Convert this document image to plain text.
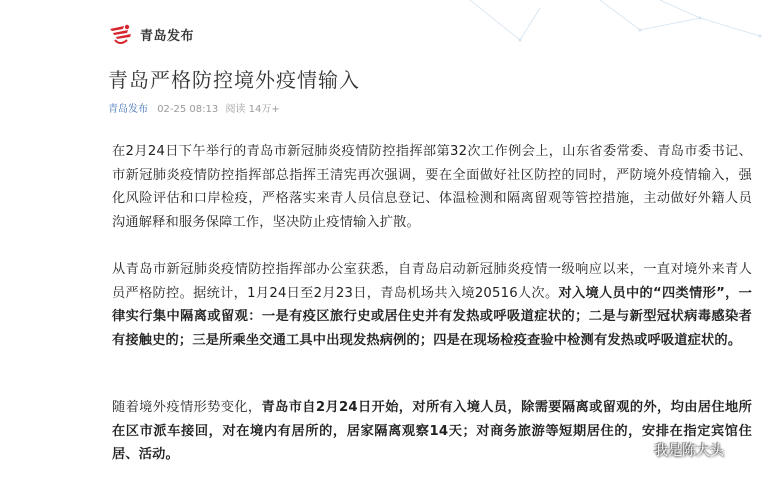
青岛发布
青岛严格防控境外疫情输入
青岛发布 02-25 08:13 阅读 14万+

在2月24日下午举行的青岛市新冠肺炎疫情防控指挥部第32次工作例会上，山东省委常委、青岛市委书记、市新冠肺炎疫情防控指挥部总指挥王清宪再次强调，要在全面做好社区防控的同时，严防境外疫情输入，强化风险评估和口岸检疫，严格落实来青人员信息登记、体温检测和隔离留观等管控措施，主动做好外籍人员沟通解释和服务保障工作，坚决防止疫情输入扩散。

从青岛市新冠肺炎疫情防控指挥部办公室获悉，自青岛启动新冠肺炎疫情一级响应以来，一直对境外来青人员严格防控。据统计，1月24日至2月23日，青岛机场共入境20516人次。对入境人员中的“四类情形”，一律实行集中隔离或留观：一是有疫区旅行史或居住史并有发热或呼吸道症状的；二是与新型冠状病毒感染者有接触史的；三是所乘坐交通工具中出现发热病例的；四是在现场检疫查验中检测有发热或呼吸道症状的。

随着境外疫情形势变化，青岛市自2月24日开始，对所有入境人员，除需要隔离或留观的外，均由居住地所在区市派车接回，对在境内有居所的，居家隔离观察14天；对商务旅游等短期居住的，安排在指定宾馆住居、活动。	我是陈大头
